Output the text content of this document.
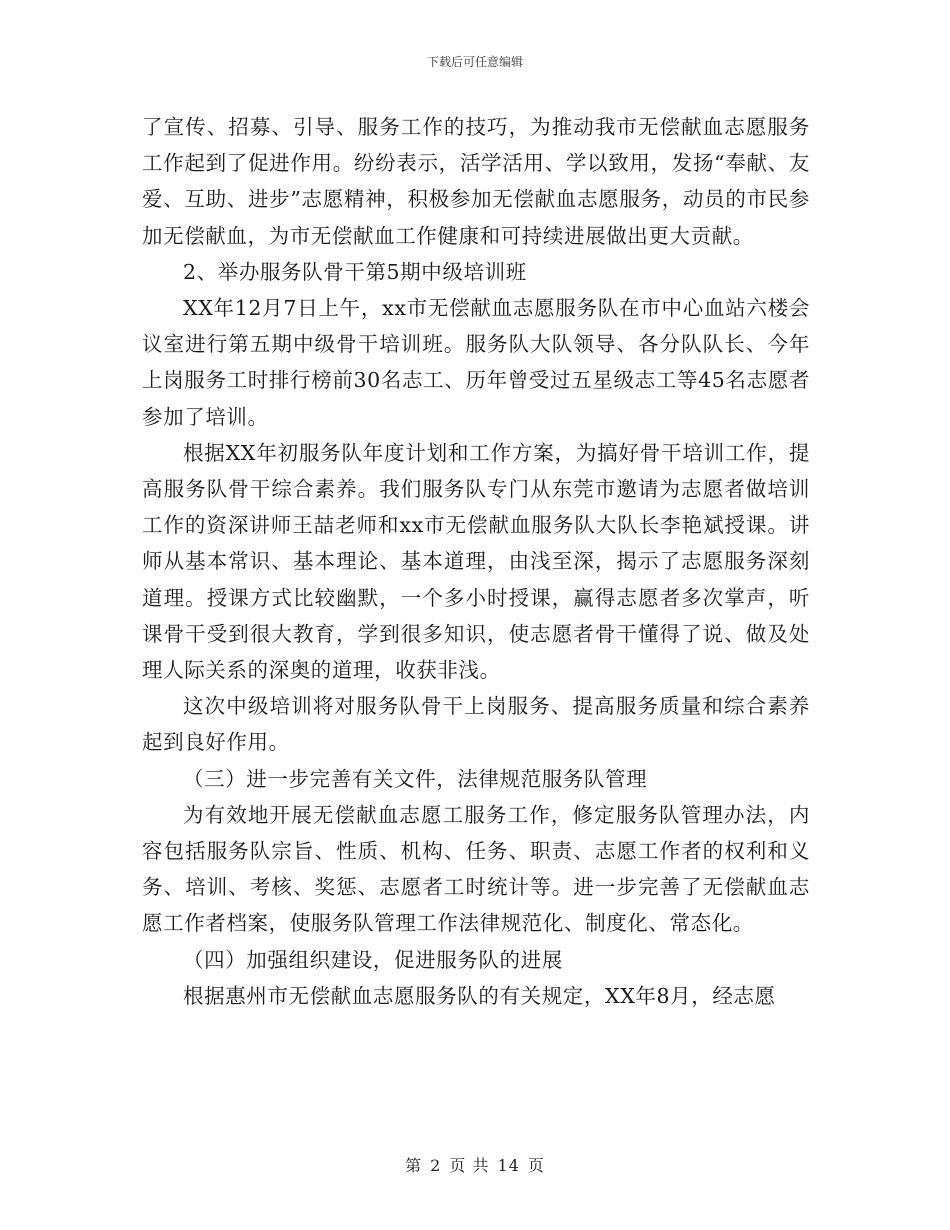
下载后可任意编辑

了宣传、招募、引导、服务工作的技巧，为推动我市无偿献血志愿服务工作起到了促进作用。纷纷表示，活学活用、学以致用，发扬“奉献、友爱、互助、进步”志愿精神，积极参加无偿献血志愿服务，动员的市民参加无偿献血，为市无偿献血工作健康和可持续进展做出更大贡献。

2、举办服务队骨干第5期中级培训班

XX年12月7日上午，xx市无偿献血志愿服务队在市中心血站六楼会议室进行第五期中级骨干培训班。服务队大队领导、各分队队长、今年上岗服务工时排行榜前30名志工、历年曾受过五星级志工等45名志愿者参加了培训。

根据XX年初服务队年度计划和工作方案，为搞好骨干培训工作，提高服务队骨干综合素养。我们服务队专门从东莞市邀请为志愿者做培训工作的资深讲师王喆老师和xx市无偿献血服务队大队长李艳斌授课。讲师从基本常识、基本理论、基本道理，由浅至深，揭示了志愿服务深刻道理。授课方式比较幽默，一个多小时授课，赢得志愿者多次掌声，听课骨干受到很大教育，学到很多知识，使志愿者骨干懂得了说、做及处理人际关系的深奥的道理，收获非浅。

这次中级培训将对服务队骨干上岗服务、提高服务质量和综合素养起到良好作用。

（三）进一步完善有关文件，法律规范服务队管理

为有效地开展无偿献血志愿工服务工作，修定服务队管理办法，内容包括服务队宗旨、性质、机构、任务、职责、志愿工作者的权利和义务、培训、考核、奖惩、志愿者工时统计等。进一步完善了无偿献血志愿工作者档案，使服务队管理工作法律规范化、制度化、常态化。

（四）加强组织建设，促进服务队的进展

根据惠州市无偿献血志愿服务队的有关规定，XX年8月，经志愿

第 2 页 共 14 页
